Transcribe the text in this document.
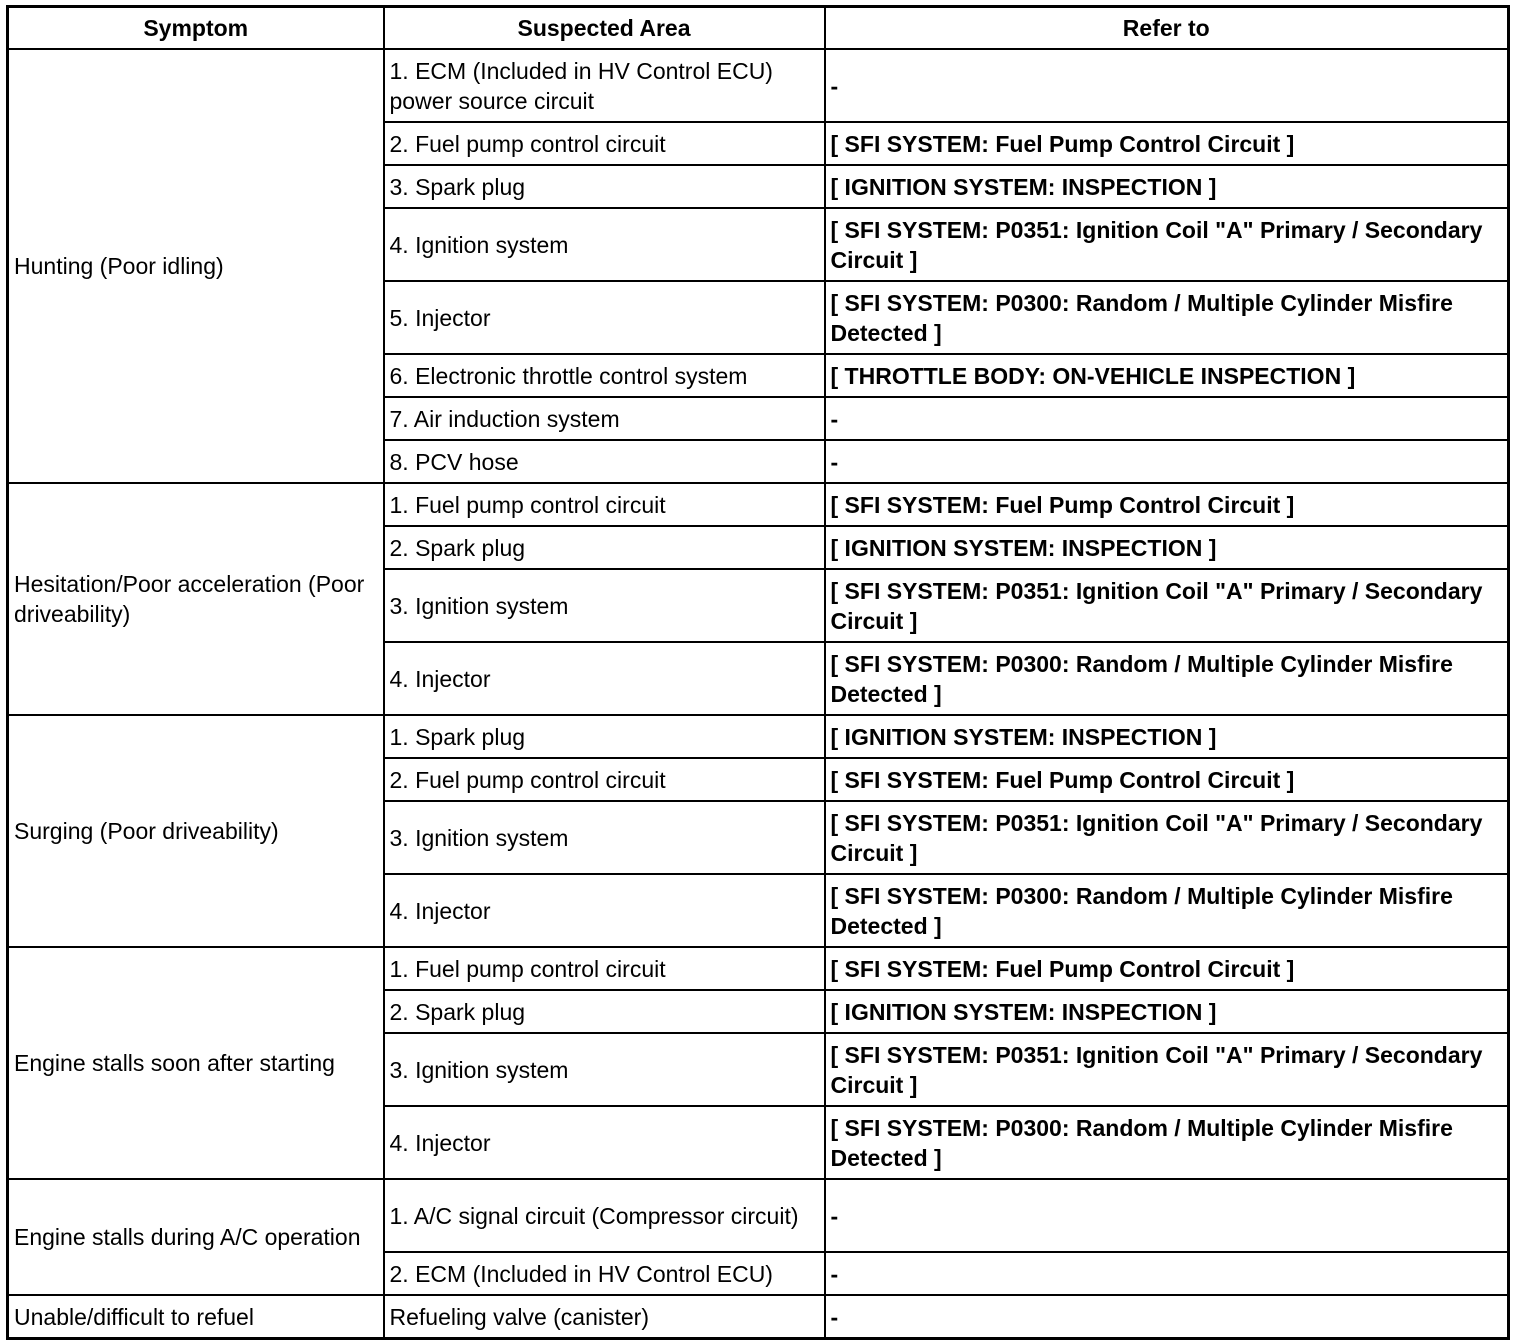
Symptom	Suspected Area	Refer to
Hunting (Poor idling)	1. ECM (Included in HV Control ECU) power source circuit	-
	2. Fuel pump control circuit	[ SFI SYSTEM: Fuel Pump Control Circuit ]
	3. Spark plug	[ IGNITION SYSTEM: INSPECTION ]
	4. Ignition system	[ SFI SYSTEM: P0351: Ignition Coil "A" Primary / Secondary Circuit ]
	5. Injector	[ SFI SYSTEM: P0300: Random / Multiple Cylinder Misfire Detected ]
	6. Electronic throttle control system	[ THROTTLE BODY: ON-VEHICLE INSPECTION ]
	7. Air induction system	-
	8. PCV hose	-
Hesitation/Poor acceleration (Poor driveability)	1. Fuel pump control circuit	[ SFI SYSTEM: Fuel Pump Control Circuit ]
	2. Spark plug	[ IGNITION SYSTEM: INSPECTION ]
	3. Ignition system	[ SFI SYSTEM: P0351: Ignition Coil "A" Primary / Secondary Circuit ]
	4. Injector	[ SFI SYSTEM: P0300: Random / Multiple Cylinder Misfire Detected ]
Surging (Poor driveability)	1. Spark plug	[ IGNITION SYSTEM: INSPECTION ]
	2. Fuel pump control circuit	[ SFI SYSTEM: Fuel Pump Control Circuit ]
	3. Ignition system	[ SFI SYSTEM: P0351: Ignition Coil "A" Primary / Secondary Circuit ]
	4. Injector	[ SFI SYSTEM: P0300: Random / Multiple Cylinder Misfire Detected ]
Engine stalls soon after starting	1. Fuel pump control circuit	[ SFI SYSTEM: Fuel Pump Control Circuit ]
	2. Spark plug	[ IGNITION SYSTEM: INSPECTION ]
	3. Ignition system	[ SFI SYSTEM: P0351: Ignition Coil "A" Primary / Secondary Circuit ]
	4. Injector	[ SFI SYSTEM: P0300: Random / Multiple Cylinder Misfire Detected ]
Engine stalls during A/C operation	1. A/C signal circuit (Compressor circuit)	-
	2. ECM (Included in HV Control ECU)	-
Unable/difficult to refuel	Refueling valve (canister)	-
